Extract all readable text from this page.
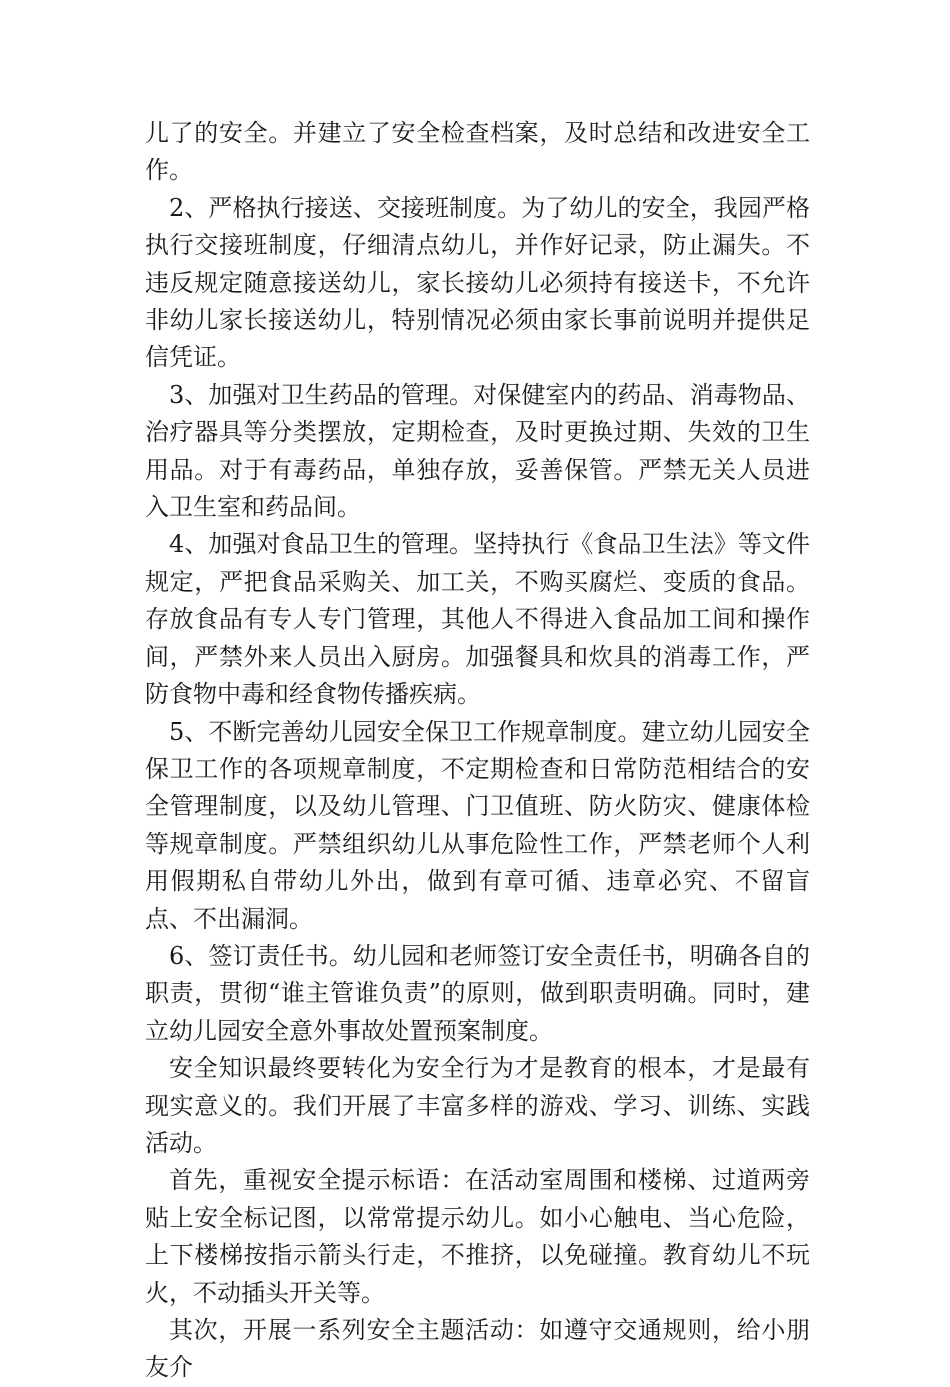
儿了的安全。并建立了安全检查档案，及时总结和改进安全工作。

2、严格执行接送、交接班制度。为了幼儿的安全，我园严格执行交接班制度，仔细清点幼儿，并作好记录，防止漏失。不违反规定随意接送幼儿，家长接幼儿必须持有接送卡，不允许非幼儿家长接送幼儿，特别情况必须由家长事前说明并提供足信凭证。

3、加强对卫生药品的管理。对保健室内的药品、消毒物品、治疗器具等分类摆放，定期检查，及时更换过期、失效的卫生用品。对于有毒药品，单独存放，妥善保管。严禁无关人员进入卫生室和药品间。

4、加强对食品卫生的管理。坚持执行《食品卫生法》等文件规定，严把食品采购关、加工关，不购买腐烂、变质的食品。存放食品有专人专门管理，其他人不得进入食品加工间和操作间，严禁外来人员出入厨房。加强餐具和炊具的消毒工作，严防食物中毒和经食物传播疾病。

5、不断完善幼儿园安全保卫工作规章制度。建立幼儿园安全保卫工作的各项规章制度，不定期检查和日常防范相结合的安全管理制度，以及幼儿管理、门卫值班、防火防灾、健康体检等规章制度。严禁组织幼儿从事危险性工作，严禁老师个人利用假期私自带幼儿外出，做到有章可循、违章必究、不留盲点、不出漏洞。

6、签订责任书。幼儿园和老师签订安全责任书，明确各自的职责，贯彻“谁主管谁负责”的原则，做到职责明确。同时，建立幼儿园安全意外事故处置预案制度。

安全知识最终要转化为安全行为才是教育的根本，才是最有现实意义的。我们开展了丰富多样的游戏、学习、训练、实践活动。

首先，重视安全提示标语：在活动室周围和楼梯、过道两旁贴上安全标记图，以常常提示幼儿。如小心触电、当心危险，上下楼梯按指示箭头行走，不推挤，以免碰撞。教育幼儿不玩火，不动插头开关等。

其次，开展一系列安全主题活动：如遵守交通规则，给小朋友介
